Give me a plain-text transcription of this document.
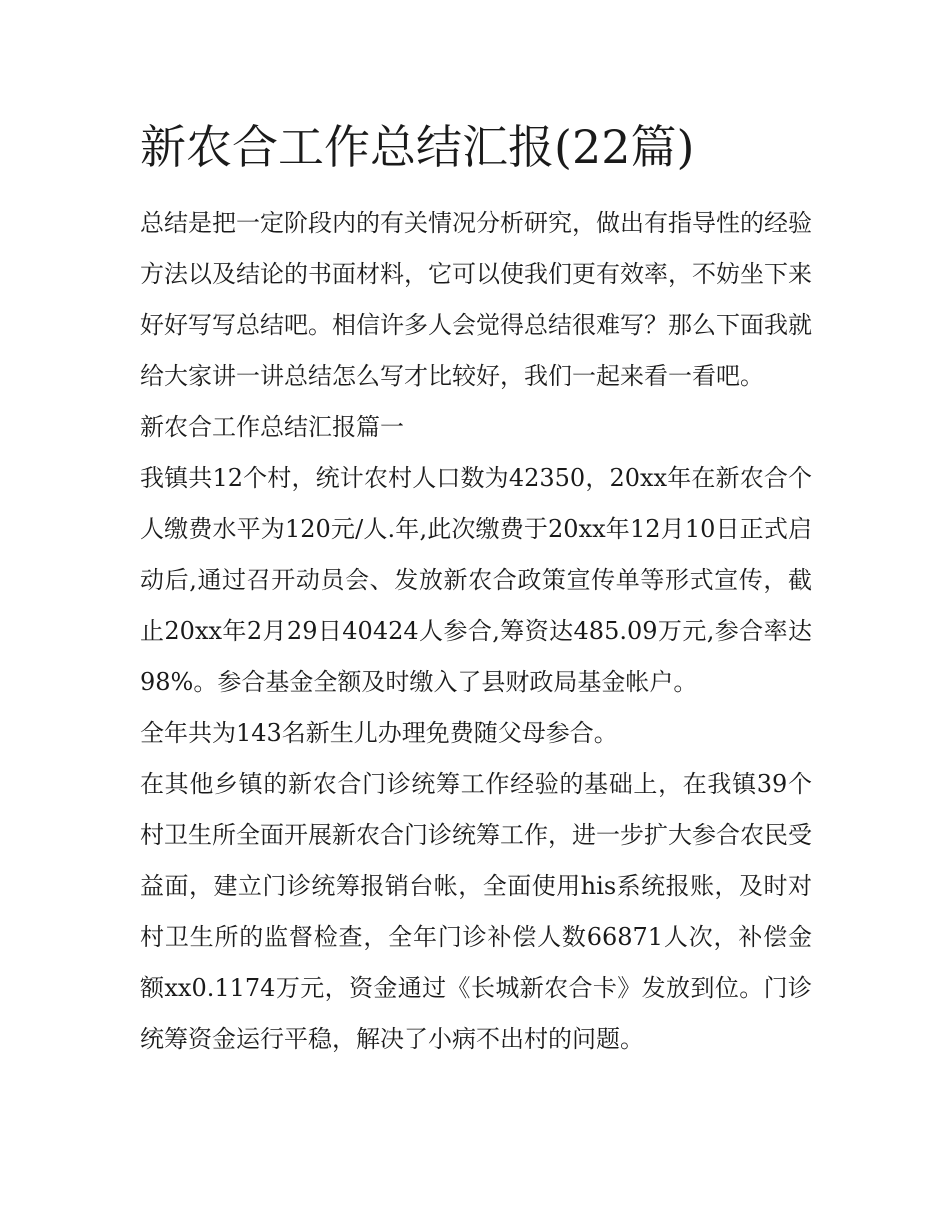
新农合工作总结汇报(22篇)

总结是把一定阶段内的有关情况分析研究，做出有指导性的经验方法以及结论的书面材料，它可以使我们更有效率，不妨坐下来好好写写总结吧。相信许多人会觉得总结很难写？那么下面我就给大家讲一讲总结怎么写才比较好，我们一起来看一看吧。

新农合工作总结汇报篇一

我镇共12个村，统计农村人口数为42350，20xx年在新农合个人缴费水平为120元/人.年,此次缴费于20xx年12月10日正式启动后,通过召开动员会、发放新农合政策宣传单等形式宣传，截止20xx年2月29日40424人参合,筹资达485.09万元,参合率达98%。参合基金全额及时缴入了县财政局基金帐户。

全年共为143名新生儿办理免费随父母参合。

在其他乡镇的新农合门诊统筹工作经验的基础上，在我镇39个村卫生所全面开展新农合门诊统筹工作，进一步扩大参合农民受益面，建立门诊统筹报销台帐，全面使用his系统报账，及时对村卫生所的监督检查，全年门诊补偿人数66871人次，补偿金额xx0.1174万元，资金通过《长城新农合卡》发放到位。门诊统筹资金运行平稳，解决了小病不出村的问题。
